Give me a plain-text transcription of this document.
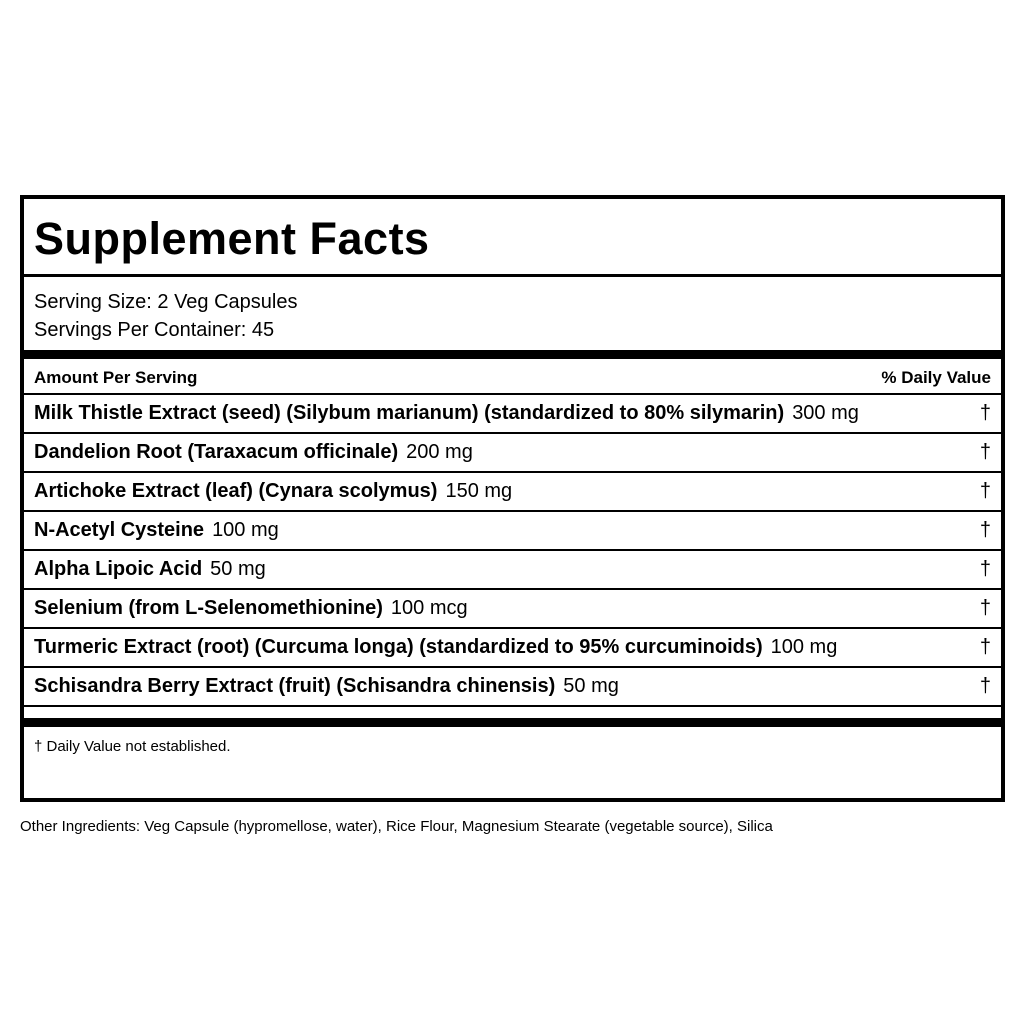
Supplement Facts
Serving Size: 2 Veg Capsules
Servings Per Container: 45
Amount Per Serving	% Daily Value
Milk Thistle Extract (seed) (Silybum marianum) (standardized to 80% silymarin) 300 mg	†
Dandelion Root (Taraxacum officinale) 200 mg	†
Artichoke Extract (leaf) (Cynara scolymus) 150 mg	†
N-Acetyl Cysteine 100 mg	†
Alpha Lipoic Acid 50 mg	†
Selenium (from L-Selenomethionine) 100 mcg	†
Turmeric Extract (root) (Curcuma longa) (standardized to 95% curcuminoids) 100 mg	†
Schisandra Berry Extract (fruit) (Schisandra chinensis) 50 mg	†
† Daily Value not established.
Other Ingredients: Veg Capsule (hypromellose, water), Rice Flour, Magnesium Stearate (vegetable source), Silica
